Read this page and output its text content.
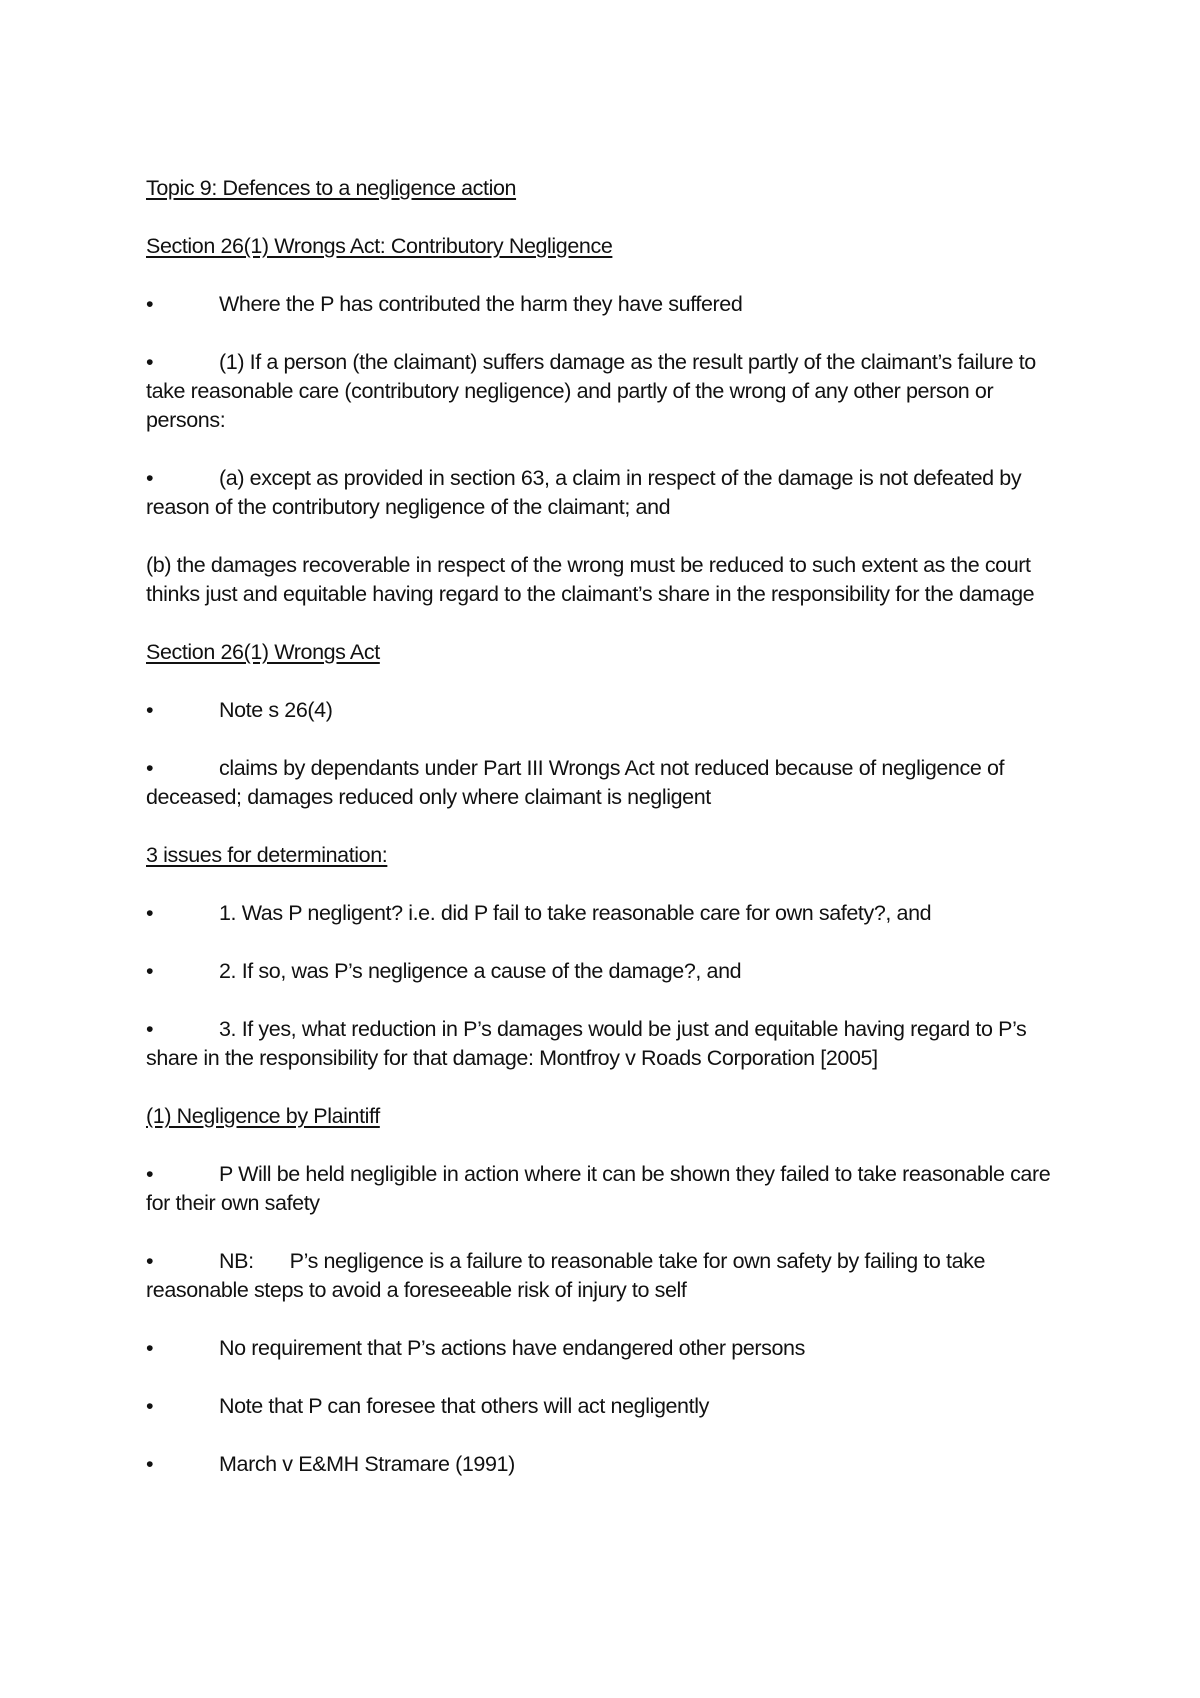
Topic 9: Defences to a negligence action
Section 26(1) Wrongs Act: Contributory Negligence
•	Where the P has contributed the harm they have suffered
•	(1) If a person (the claimant) suffers damage as the result partly of the claimant’s failure to take reasonable care (contributory negligence) and partly of the wrong of any other person or persons:
•	(a) except as provided in section 63, a claim in respect of the damage is not defeated by reason of the contributory negligence of the claimant; and
(b) the damages recoverable in respect of the wrong must be reduced to such extent as the court thinks just and equitable having regard to the claimant’s share in the responsibility for the damage
Section 26(1) Wrongs Act
•	Note s 26(4)
•	claims by dependants under Part III Wrongs Act not reduced because of negligence of deceased; damages reduced only where claimant is negligent
3 issues for determination:
•	1. Was P negligent? i.e. did P fail to take reasonable care for own safety?, and
•	2. If so, was P’s negligence a cause of the damage?, and
•	3. If yes, what reduction in P’s damages would be just and equitable having regard to P’s share in the responsibility for that damage: Montfroy v Roads Corporation [2005]
(1) Negligence by Plaintiff
•	P Will be held negligible in action where it can be shown they failed to take reasonable care for their own safety
•	NB: P’s negligence is a failure to reasonable take for own safety by failing to take reasonable steps to avoid a foreseeable risk of injury to self
•	No requirement that P’s actions have endangered other persons
•	Note that P can foresee that others will act negligently
•	March v E&MH Stramare (1991)
